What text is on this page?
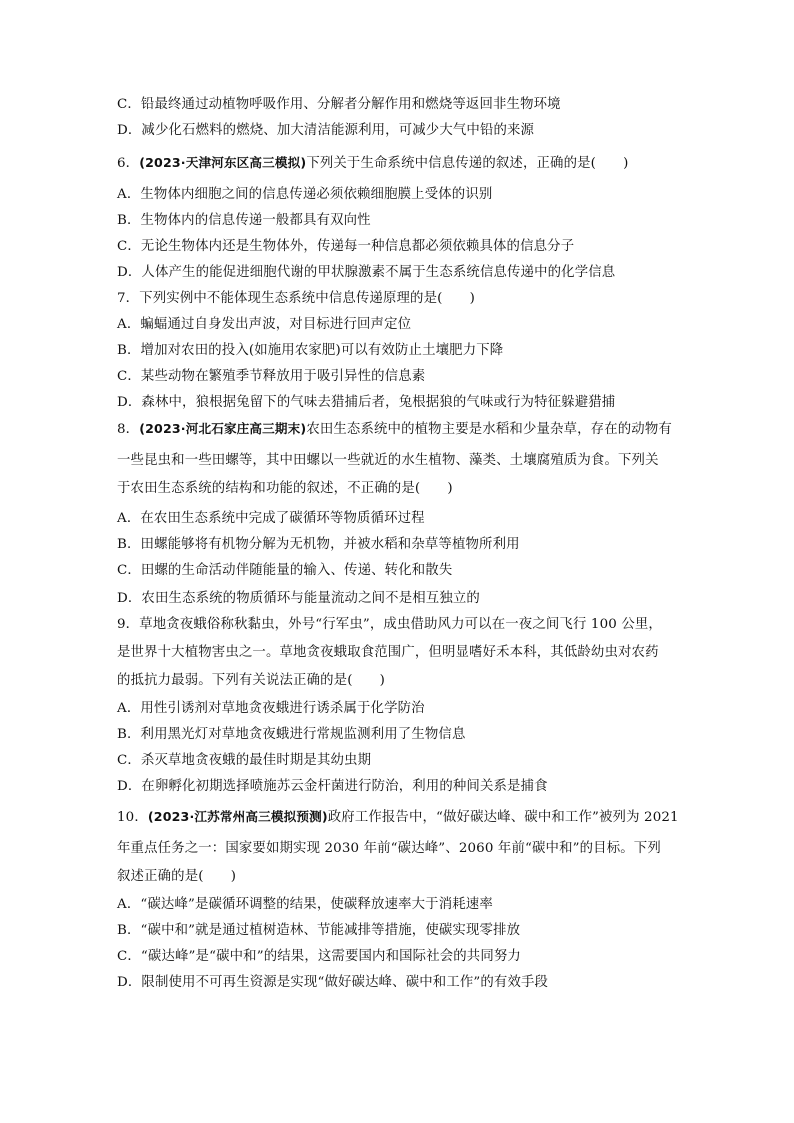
C．铅最终通过动植物呼吸作用、分解者分解作用和燃烧等返回非生物环境
D．减少化石燃料的燃烧、加大清洁能源利用，可减少大气中铅的来源
6．(2023·天津河东区高三模拟)下列关于生命系统中信息传递的叙述，正确的是(　　)
A．生物体内细胞之间的信息传递必须依赖细胞膜上受体的识别
B．生物体内的信息传递一般都具有双向性
C．无论生物体内还是生物体外，传递每一种信息都必须依赖具体的信息分子
D．人体产生的能促进细胞代谢的甲状腺激素不属于生态系统信息传递中的化学信息
7．下列实例中不能体现生态系统中信息传递原理的是(　　)
A．蝙蝠通过自身发出声波，对目标进行回声定位
B．增加对农田的投入(如施用农家肥)可以有效防止土壤肥力下降
C．某些动物在繁殖季节释放用于吸引异性的信息素
D．森林中，狼根据兔留下的气味去猎捕后者，兔根据狼的气味或行为特征躲避猎捕
8．(2023·河北石家庄高三期末)农田生态系统中的植物主要是水稻和少量杂草，存在的动物有
一些昆虫和一些田螺等，其中田螺以一些就近的水生植物、藻类、土壤腐殖质为食。下列关
于农田生态系统的结构和功能的叙述，不正确的是(　　)
A．在农田生态系统中完成了碳循环等物质循环过程
B．田螺能够将有机物分解为无机物，并被水稻和杂草等植物所利用
C．田螺的生命活动伴随能量的输入、传递、转化和散失
D．农田生态系统的物质循环与能量流动之间不是相互独立的
9．草地贪夜蛾俗称秋黏虫，外号“行军虫”，成虫借助风力可以在一夜之间飞行 100 公里，
是世界十大植物害虫之一。草地贪夜蛾取食范围广，但明显嗜好禾本科，其低龄幼虫对农药
的抵抗力最弱。下列有关说法正确的是(　　)
A．用性引诱剂对草地贪夜蛾进行诱杀属于化学防治
B．利用黑光灯对草地贪夜蛾进行常规监测利用了生物信息
C．杀灭草地贪夜蛾的最佳时期是其幼虫期
D．在卵孵化初期选择喷施苏云金杆菌进行防治，利用的种间关系是捕食
10．(2023·江苏常州高三模拟预测)政府工作报告中，“做好碳达峰、碳中和工作”被列为 2021
年重点任务之一：国家要如期实现 2030 年前“碳达峰”、2060 年前“碳中和”的目标。下列
叙述正确的是(　　)
A．“碳达峰”是碳循环调整的结果，使碳释放速率大于消耗速率
B．“碳中和”就是通过植树造林、节能减排等措施，使碳实现零排放
C．“碳达峰”是“碳中和”的结果，这需要国内和国际社会的共同努力
D．限制使用不可再生资源是实现“做好碳达峰、碳中和工作”的有效手段
